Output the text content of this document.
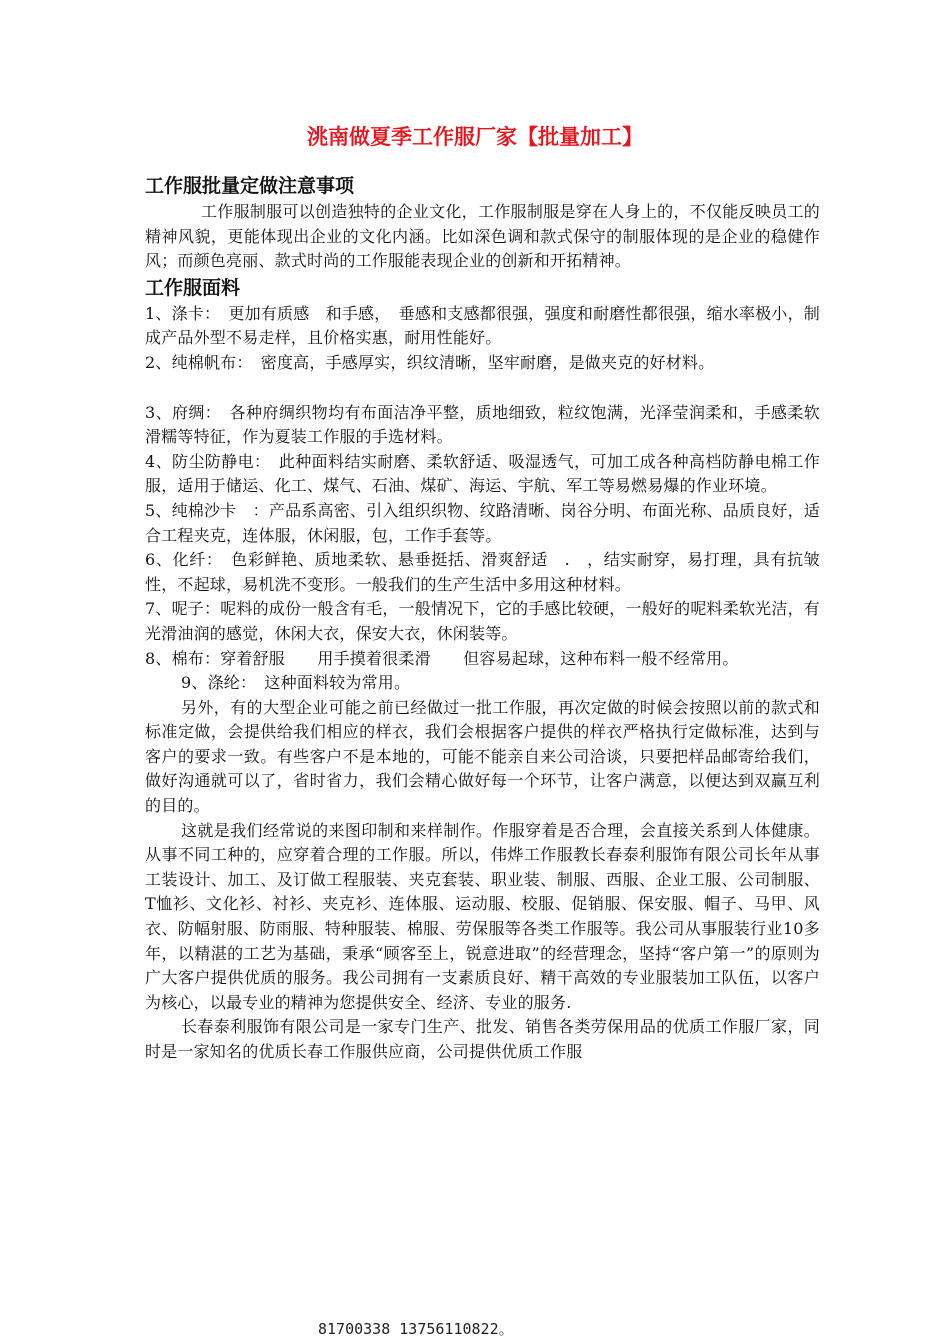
洮南做夏季工作服厂家【批量加工】
工作服批量定做注意事项

工作服制服可以创造独特的企业文化，工作服制服是穿在人身上的，不仅能反映员工的精神风貌，更能体现出企业的文化内涵。比如深色调和款式保守的制服体现的是企业的稳健作风；而颜色亮丽、款式时尚的工作服能表现企业的创新和开拓精神。

工作服面料

1、涤卡：　更加有质感　和手感，　垂感和支感都很强，强度和耐磨性都很强，缩水率极小，制成产品外型不易走样，且价格实惠，耐用性能好。

2、纯棉帆布：　密度高，手感厚实，织纹清晰，坚牢耐磨，是做夹克的好材料。

3、府绸：　各种府绸织物均有布面洁净平整，质地细致，粒纹饱满，光泽莹润柔和，手感柔软滑糯等特征，作为夏装工作服的手选材料。

4、防尘防静电：　此种面料结实耐磨、柔软舒适、吸湿透气，可加工成各种高档防静电棉工作服，适用于储运、化工、煤气、石油、煤矿、海运、宇航、军工等易燃易爆的作业环境。

5、纯棉沙卡　：产品系高密、引入组织织物、纹路清晰、岗谷分明、布面光称、品质良好，适合工程夹克，连体服，休闲服，包，工作手套等。

6、化纤：　色彩鲜艳、质地柔软、悬垂挺括、滑爽舒适　.　，结实耐穿，易打理，具有抗皱性，不起球，易机洗不变形。一般我们的生产生活中多用这种材料。

7、呢子：呢料的成份一般含有毛，一般情况下，它的手感比较硬，一般好的呢料柔软光洁，有光滑油润的感觉，休闲大衣，保安大衣，休闲装等。

8、棉布：穿着舒服　　用手摸着很柔滑　　但容易起球，这种布料一般不经常用。

9、涤纶：　这种面料较为常用。

另外，有的大型企业可能之前已经做过一批工作服，再次定做的时候会按照以前的款式和标准定做，会提供给我们相应的样衣，我们会根据客户提供的样衣严格执行定做标准，达到与客户的要求一致。有些客户不是本地的，可能不能亲自来公司洽谈，只要把样品邮寄给我们，做好沟通就可以了，省时省力，我们会精心做好每一个环节，让客户满意，以便达到双赢互利的目的。

这就是我们经常说的来图印制和来样制作。作服穿着是否合理，会直接关系到人体健康。从事不同工种的，应穿着合理的工作服。所以，伟烨工作服教长春泰利服饰有限公司长年从事工装设计、加工、及订做工程服装、夹克套装、职业装、制服、西服、企业工服、公司制服、T恤衫、文化衫、衬衫、夹克衫、连体服、运动服、校服、促销服、保安服、帽子、马甲、风衣、防幅射服、防雨服、特种服装、棉服、劳保服等各类工作服等。我公司从事服装行业10多年，以精湛的工艺为基础，秉承“顾客至上，锐意进取”的经营理念，坚持“客户第一”的原则为广大客户提供优质的服务。我公司拥有一支素质良好、精干高效的专业服装加工队伍，以客户为核心，以最专业的精神为您提供安全、经济、专业的服务.

长春泰利服饰有限公司是一家专门生产、批发、销售各类劳保用品的优质工作服厂家，同时是一家知名的优质长春工作服供应商，公司提供优质工作服

81700338 13756110822。
